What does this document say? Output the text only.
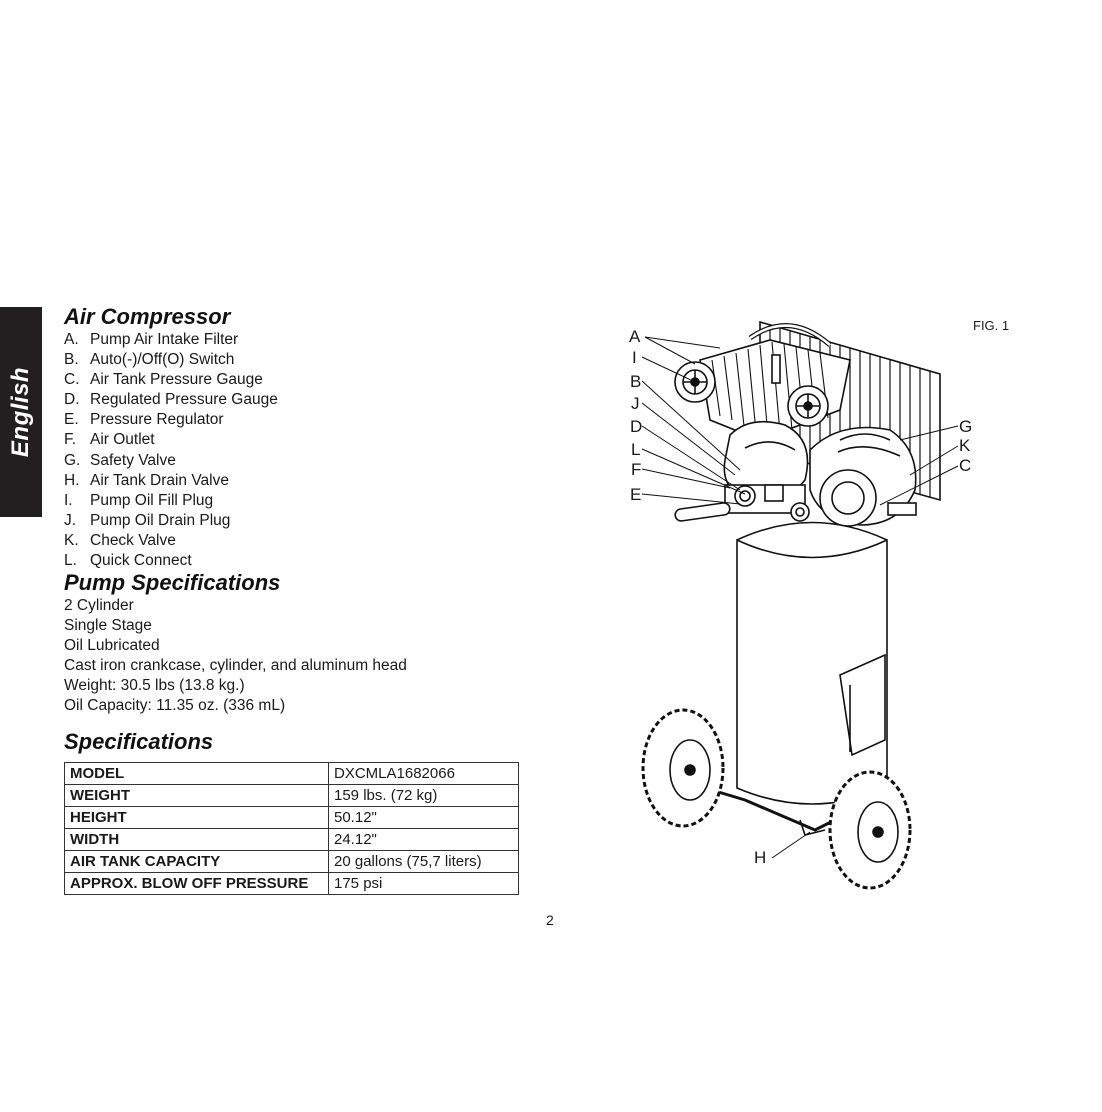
English
Air Compressor
A. Pump Air Intake Filter
B. Auto(-)/Off(O) Switch
C. Air Tank Pressure Gauge
D. Regulated Pressure Gauge
E. Pressure Regulator
F. Air Outlet
G. Safety Valve
H. Air Tank Drain Valve
I. Pump Oil Fill Plug
J. Pump Oil Drain Plug
K. Check Valve
L. Quick Connect
Pump Specifications
2 Cylinder
Single Stage
Oil Lubricated
Cast iron crankcase, cylinder, and aluminum head
Weight: 30.5 lbs (13.8 kg.)
Oil Capacity: 11.35 oz. (336 mL)
Specifications
MODEL	DXCMLA1682066
WEIGHT	159 lbs. (72 kg)
HEIGHT	50.12"
WIDTH	24.12"
AIR TANK CAPACITY	20 gallons (75,7 liters)
APPROX. BLOW OFF PRESSURE	175 psi
2
FIG. 1
A
I
B
J
D
L
F
E
G
K
C
H
